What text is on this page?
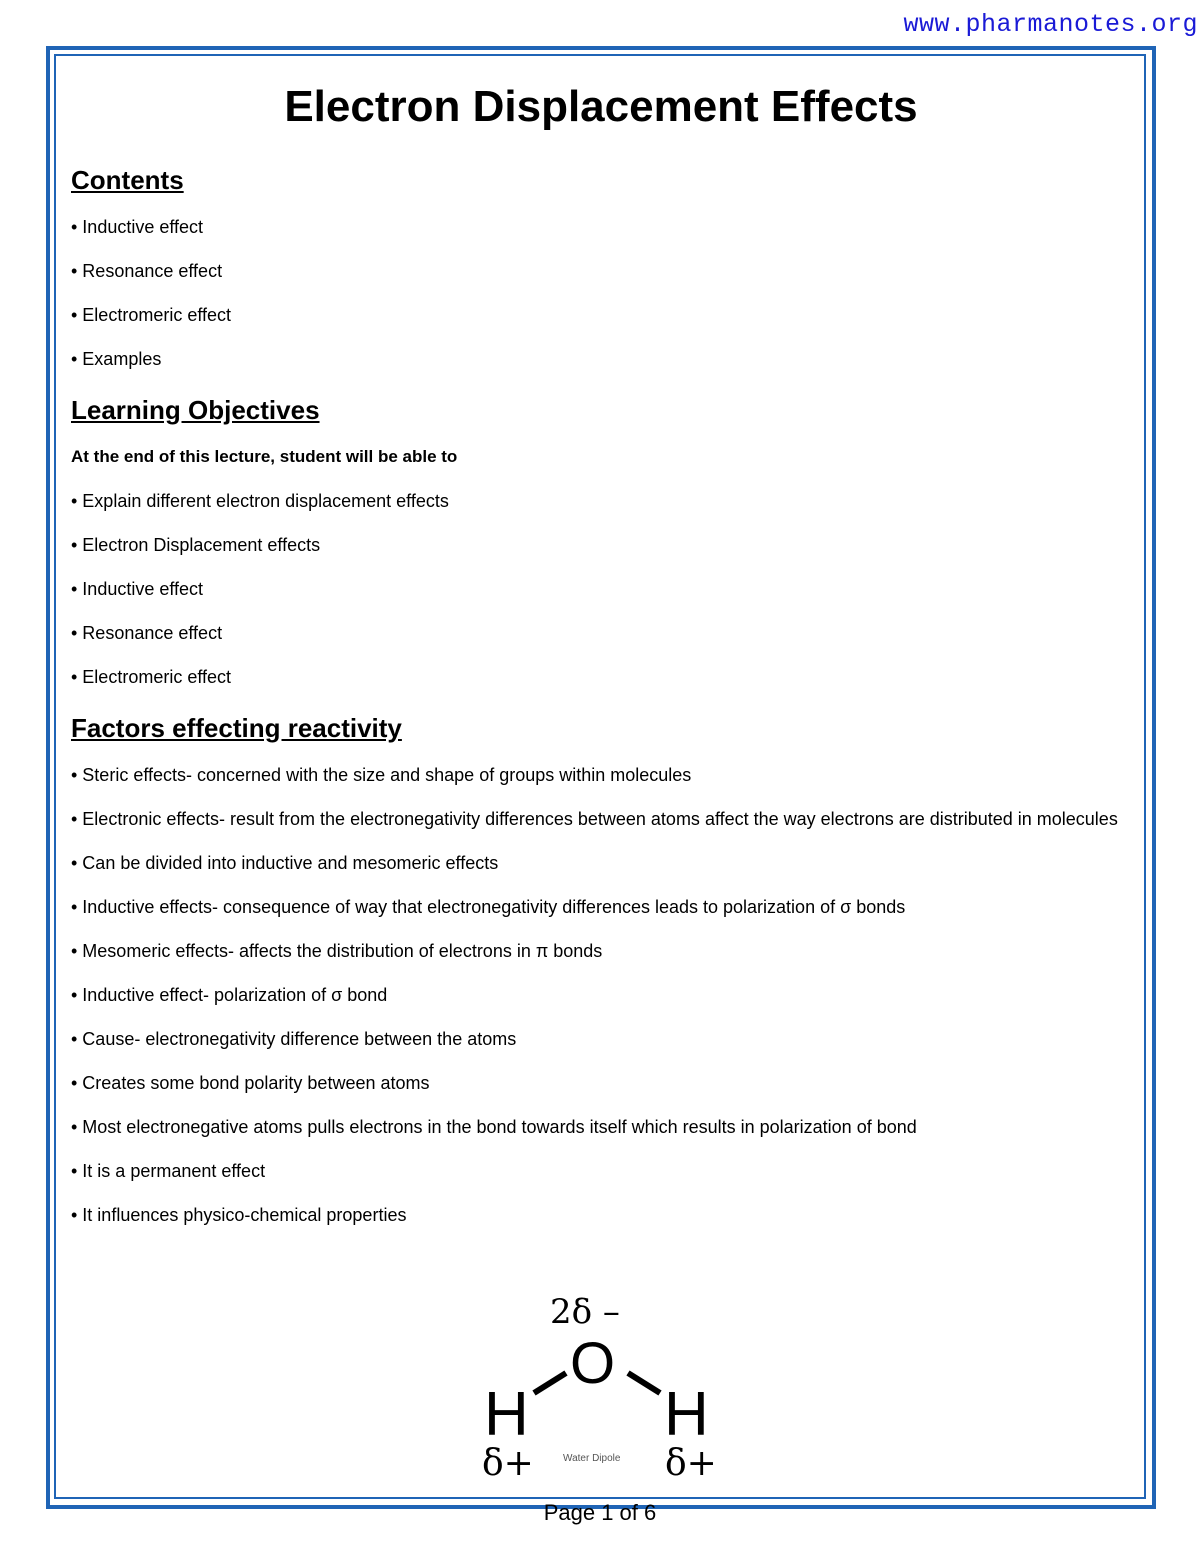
www.pharmanotes.org
Electron Displacement Effects

Contents

• Inductive effect

• Resonance effect

• Electromeric effect

• Examples

Learning Objectives

At the end of this lecture, student will be able to

• Explain different electron displacement effects

• Electron Displacement effects

• Inductive effect

• Resonance effect

• Electromeric effect

Factors effecting reactivity

• Steric effects- concerned with the size and shape of groups within molecules

• Electronic effects- result from the electronegativity differences between atoms affect the way electrons are distributed in molecules

• Can be divided into inductive and mesomeric effects

• Inductive effects- consequence of way that electronegativity differences leads to polarization of σ bonds

• Mesomeric effects- affects the distribution of electrons in π bonds

• Inductive effect- polarization of σ bond

• Cause- electronegativity difference between the atoms

• Creates some bond polarity between atoms

• Most electronegative atoms pulls electrons in the bond towards itself which results in polarization of bond

• It is a permanent effect

• It influences physico-chemical properties

2δ –
O
H H
δ+	δ+
Water Dipole
Page 1 of 6
